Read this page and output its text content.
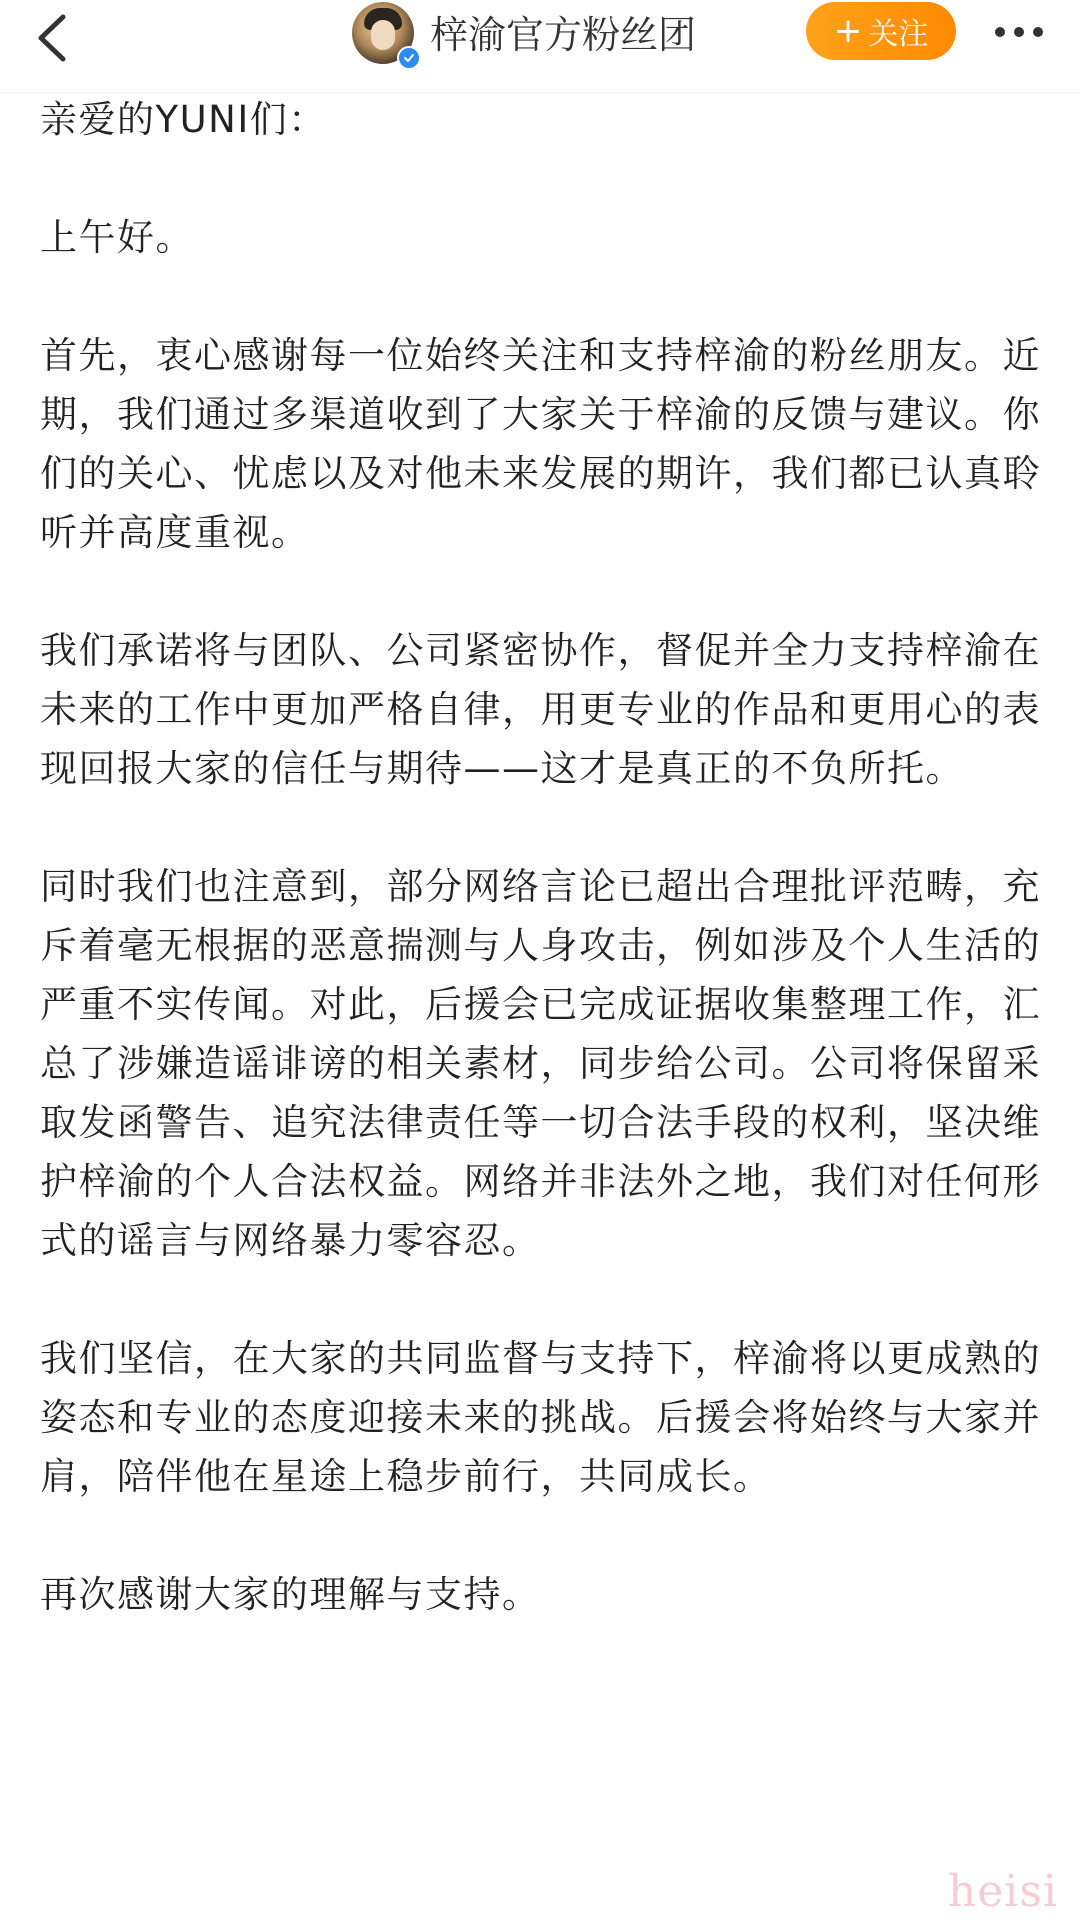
梓渝官方粉丝团	+ 关注

亲爱的YUNI们：

上午好。

首先，衷心感谢每一位始终关注和支持梓渝的粉丝朋友。近期，我们通过多渠道收到了大家关于梓渝的反馈与建议。你们的关心、忧虑以及对他未来发展的期许，我们都已认真聆听并高度重视。

我们承诺将与团队、公司紧密协作，督促并全力支持梓渝在未来的工作中更加严格自律，用更专业的作品和更用心的表现回报大家的信任与期待——这才是真正的不负所托。

同时我们也注意到，部分网络言论已超出合理批评范畴，充斥着毫无根据的恶意揣测与人身攻击，例如涉及个人生活的严重不实传闻。对此，后援会已完成证据收集整理工作，汇总了涉嫌造谣诽谤的相关素材，同步给公司。公司将保留采取发函警告、追究法律责任等一切合法手段的权利，坚决维护梓渝的个人合法权益。网络并非法外之地，我们对任何形式的谣言与网络暴力零容忍。

我们坚信，在大家的共同监督与支持下，梓渝将以更成熟的姿态和专业的态度迎接未来的挑战。后援会将始终与大家并肩，陪伴他在星途上稳步前行，共同成长。

再次感谢大家的理解与支持。

heisi
